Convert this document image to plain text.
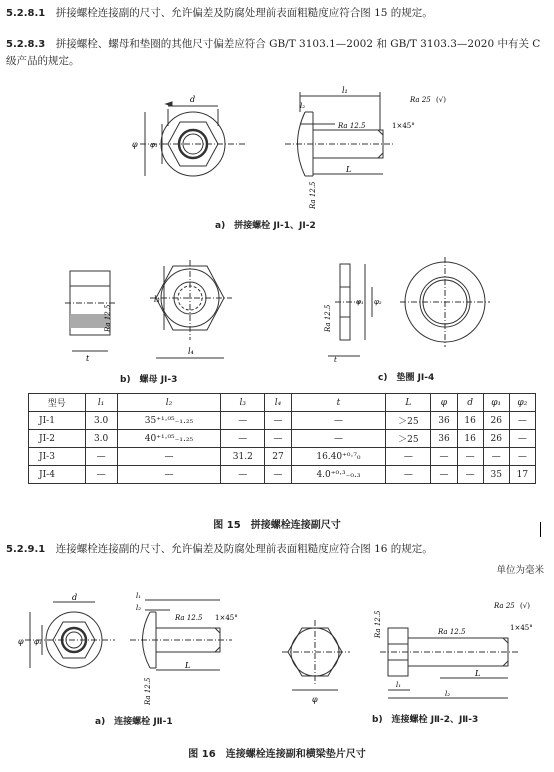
5.2.8.1　 拼接螺栓连接副的尺寸、允许偏差及防腐处理前表面粗糙度应符合图 15 的规定。
5.2.8.3　 拼接螺栓、螺母和垫圈的其他尺寸偏差应符合 GB/T 3103.1—2002 和 GB/T 3103.3—2020 中有关 C 级产品的规定。
d
φ φ₁
l₁
l₂
L
Ra 25 (√)
Ra 12.5	1×45°
Ra 12.5
a)　拼接螺栓 JⅠ-1、JⅠ-2
t
l₃
l₄
Ra 12.5
b)　螺母 JⅠ-3
t
φ₁ φ₂
Ra 12.5
c)　垫圈 JⅠ-4
型号	l₁	l₂	l₃	l₄	t	L	φ	d	φ₁	φ₂
JⅠ-1	3.0	35⁺¹·⁰⁵₋₁.₂₅	—	—	—	＞25	36	16	26	—
JⅠ-2	3.0	40⁺¹·⁰⁵₋₁.₂₅	—	—	—	＞25	36	16	26	—
JⅠ-3	—	—	31.2	27	16.40⁺⁰·⁷₀	—	—	—	—	—
JⅠ-4	—	—	—	—	4.0⁺⁰·³₋₀.₃	—	—	—	35	17
图 15　拼接螺栓连接副尺寸
5.2.9.1　 连接螺栓连接副的尺寸、允许偏差及防腐处理前表面粗糙度应符合图 16 的规定。
单位为毫米
d
φ φ₁
l₁
l₂
L
Ra 12.5 1×45°
Ra 12.5
a)　连接螺栓 JⅡ-1
φ
l₁
l₂
L
Ra 25 (√)
Ra 12.5	1×45°
Ra 12.5
b)　连接螺栓 JⅡ-2、JⅡ-3
图 16　连接螺栓连接副和横梁垫片尺寸
